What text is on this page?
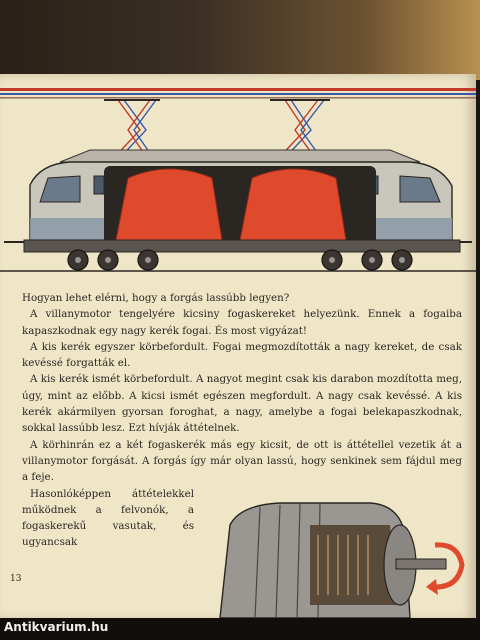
Hogyan lehet elérni, hogy a forgás lassúbb legyen?

A villanymotor tengelyére kicsiny fogaskereket helyezünk. Ennek a fogaiba kapaszkodnak egy nagy kerék fogai. És most vigyázat!

A kis kerék egyszer körbefordult. Fogai megmozdították a nagy kereket, de csak kevéssé forgatták el.

A kis kerék ismét körbefordult. A nagyot megint csak kis darabon mozdította meg, úgy, mint az előbb. A kicsi ismét egészen megfordult. A nagy csak kevéssé. A kis kerék akármilyen gyorsan foroghat, a nagy, amelybe a fogai belekapaszkodnak, sokkal lassúbb lesz. Ezt hívják áttételnek.

A körhinrán ez a két fogaskerék más egy kicsit, de ott is áttétellel vezetik át a villanymotor forgását. A forgás így már olyan lassú, hogy senkinek sem fájdul meg a feje.

Hasonlóképpen áttételekkel működnek a felvonók, a fogaskerekű vasutak, és ugyancsak

13
Antikvarium.hu
